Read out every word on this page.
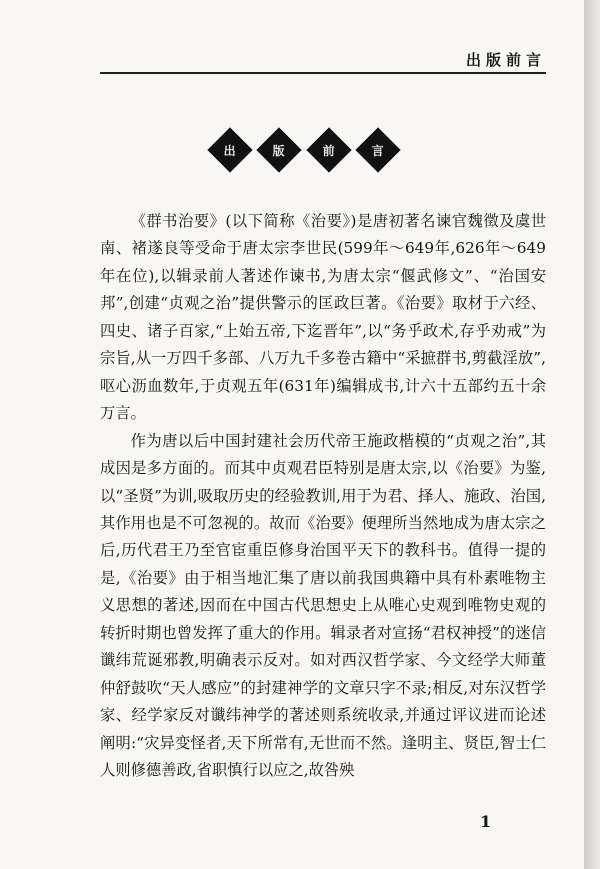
出版前言
出	版	前	言

《群书治要》(以下简称《治要》)是唐初著名谏官魏徵及虞世南、褚遂良等受命于唐太宗李世民(599年～649年,626年～649年在位),以辑录前人著述作谏书,为唐太宗“偃武修文”、“治国安邦”,创建“贞观之治”提供警示的匡政巨著。《治要》取材于六经、四史、诸子百家,“上始五帝,下迄晋年”,以“务乎政术,存乎劝戒”为宗旨,从一万四千多部、八万九千多卷古籍中“采摭群书,剪截淫放”,呕心沥血数年,于贞观五年(631年)编辑成书,计六十五部约五十余万言。

作为唐以后中国封建社会历代帝王施政楷模的“贞观之治”,其成因是多方面的。而其中贞观君臣特别是唐太宗,以《治要》为鉴,以“圣贤”为训,吸取历史的经验教训,用于为君、择人、施政、治国,其作用也是不可忽视的。故而《治要》便理所当然地成为唐太宗之后,历代君王乃至官宦重臣修身治国平天下的教科书。值得一提的是,《治要》由于相当地汇集了唐以前我国典籍中具有朴素唯物主义思想的著述,因而在中国古代思想史上从唯心史观到唯物史观的转折时期也曾发挥了重大的作用。辑录者对宣扬“君权神授”的迷信谶纬荒诞邪教,明确表示反对。如对西汉哲学家、今文经学大师董仲舒鼓吹“天人感应”的封建神学的文章只字不录;相反,对东汉哲学家、经学家反对谶纬神学的著述则系统收录,并通过评议进而论述阐明:“灾异变怪者,天下所常有,无世而不然。逢明主、贤臣,智士仁人则修德善政,省职慎行以应之,故咎殃

1
